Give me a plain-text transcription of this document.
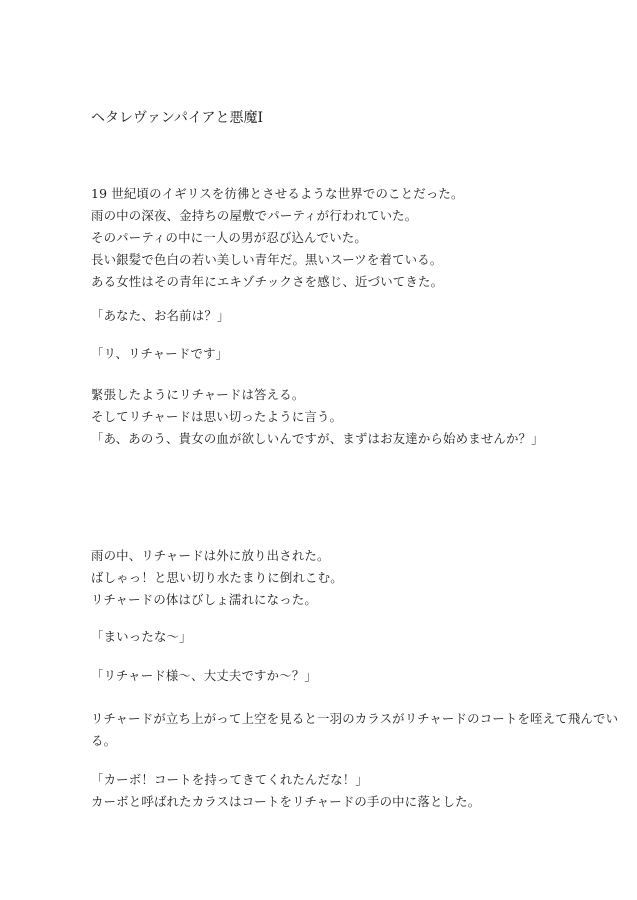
ヘタレヴァンパイアと悪魔Ⅰ
19 世紀頃のイギリスを彷彿とさせるような世界でのことだった。
雨の中の深夜、金持ちの屋敷でパーティが行われていた。
そのパーティの中に一人の男が忍び込んでいた。
長い銀髪で色白の若い美しい青年だ。黒いスーツを着ている。
ある女性はその青年にエキゾチックさを感じ、近づいてきた。
「あなた、お名前は？」
「リ、リチャードです」
緊張したようにリチャードは答える。
そしてリチャードは思い切ったように言う。
「あ、あのう、貴女の血が欲しいんですが、まずはお友達から始めませんか？」
雨の中、リチャードは外に放り出された。
ばしゃっ！と思い切り水たまりに倒れこむ。
リチャードの体はびしょ濡れになった。
「まいったな～」
「リチャード様～、大丈夫ですか～？」
リチャードが立ち上がって上空を見ると一羽のカラスがリチャードのコートを咥えて飛んでい
る。
「カーボ！コートを持ってきてくれたんだな！」
カーボと呼ばれたカラスはコートをリチャードの手の中に落とした。
